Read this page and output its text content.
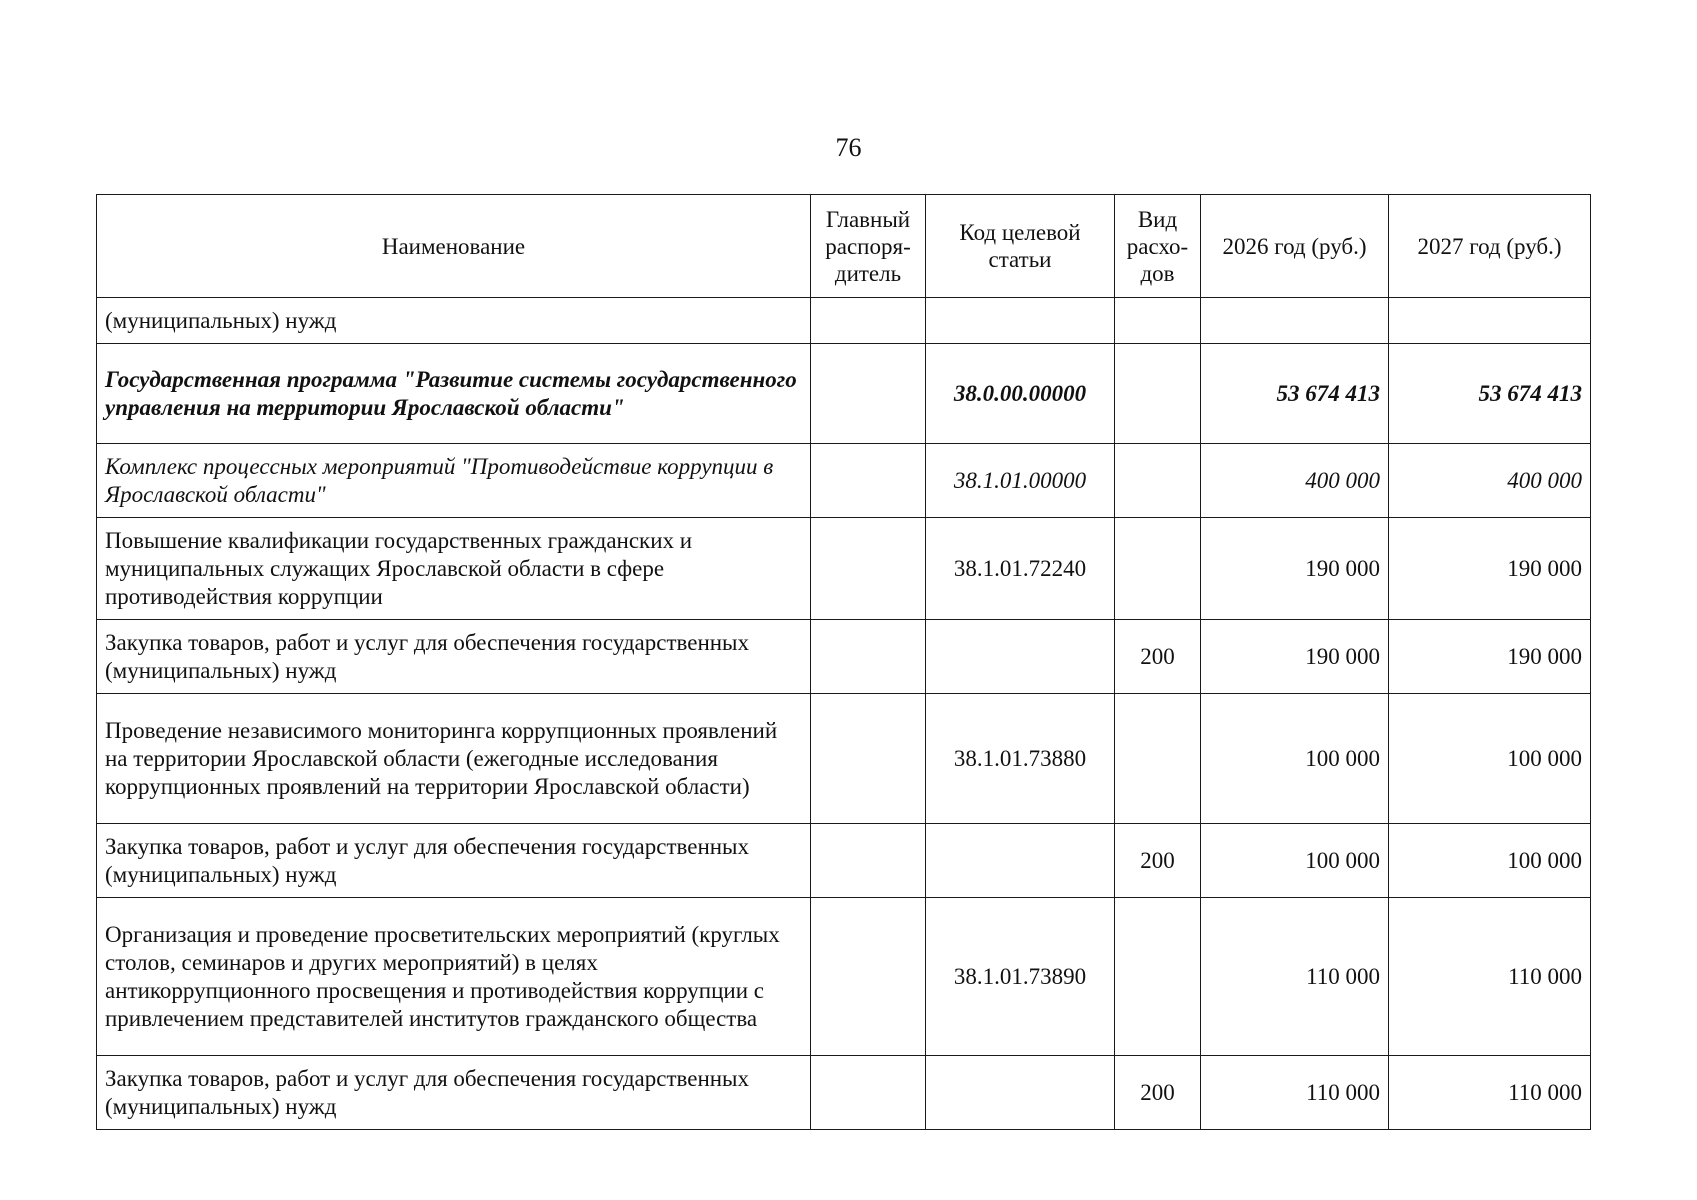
76
Наименование	Главный распоря-дитель	Код целевой статьи	Вид расхо-дов	2026 год (руб.)	2027 год (руб.)
(муниципальных) нужд					
Государственная программа "Развитие системы государственного управления на территории Ярославской области"		38.0.00.00000		53 674 413	53 674 413
Комплекс процессных мероприятий "Противодействие коррупции в Ярославской области"		38.1.01.00000		400 000	400 000
Повышение квалификации государственных гражданских и муниципальных служащих Ярославской области в сфере противодействия коррупции		38.1.01.72240		190 000	190 000
Закупка товаров, работ и услуг для обеспечения государственных (муниципальных) нужд			200	190 000	190 000
Проведение независимого мониторинга коррупционных проявлений на территории Ярославской области (ежегодные исследования коррупционных проявлений на территории Ярославской области)		38.1.01.73880		100 000	100 000
Закупка товаров, работ и услуг для обеспечения государственных (муниципальных) нужд			200	100 000	100 000
Организация и проведение просветительских мероприятий (круглых столов, семинаров и других мероприятий) в целях антикоррупционного просвещения и противодействия коррупции с привлечением представителей институтов гражданского общества		38.1.01.73890		110 000	110 000
Закупка товаров, работ и услуг для обеспечения государственных (муниципальных) нужд			200	110 000	110 000
